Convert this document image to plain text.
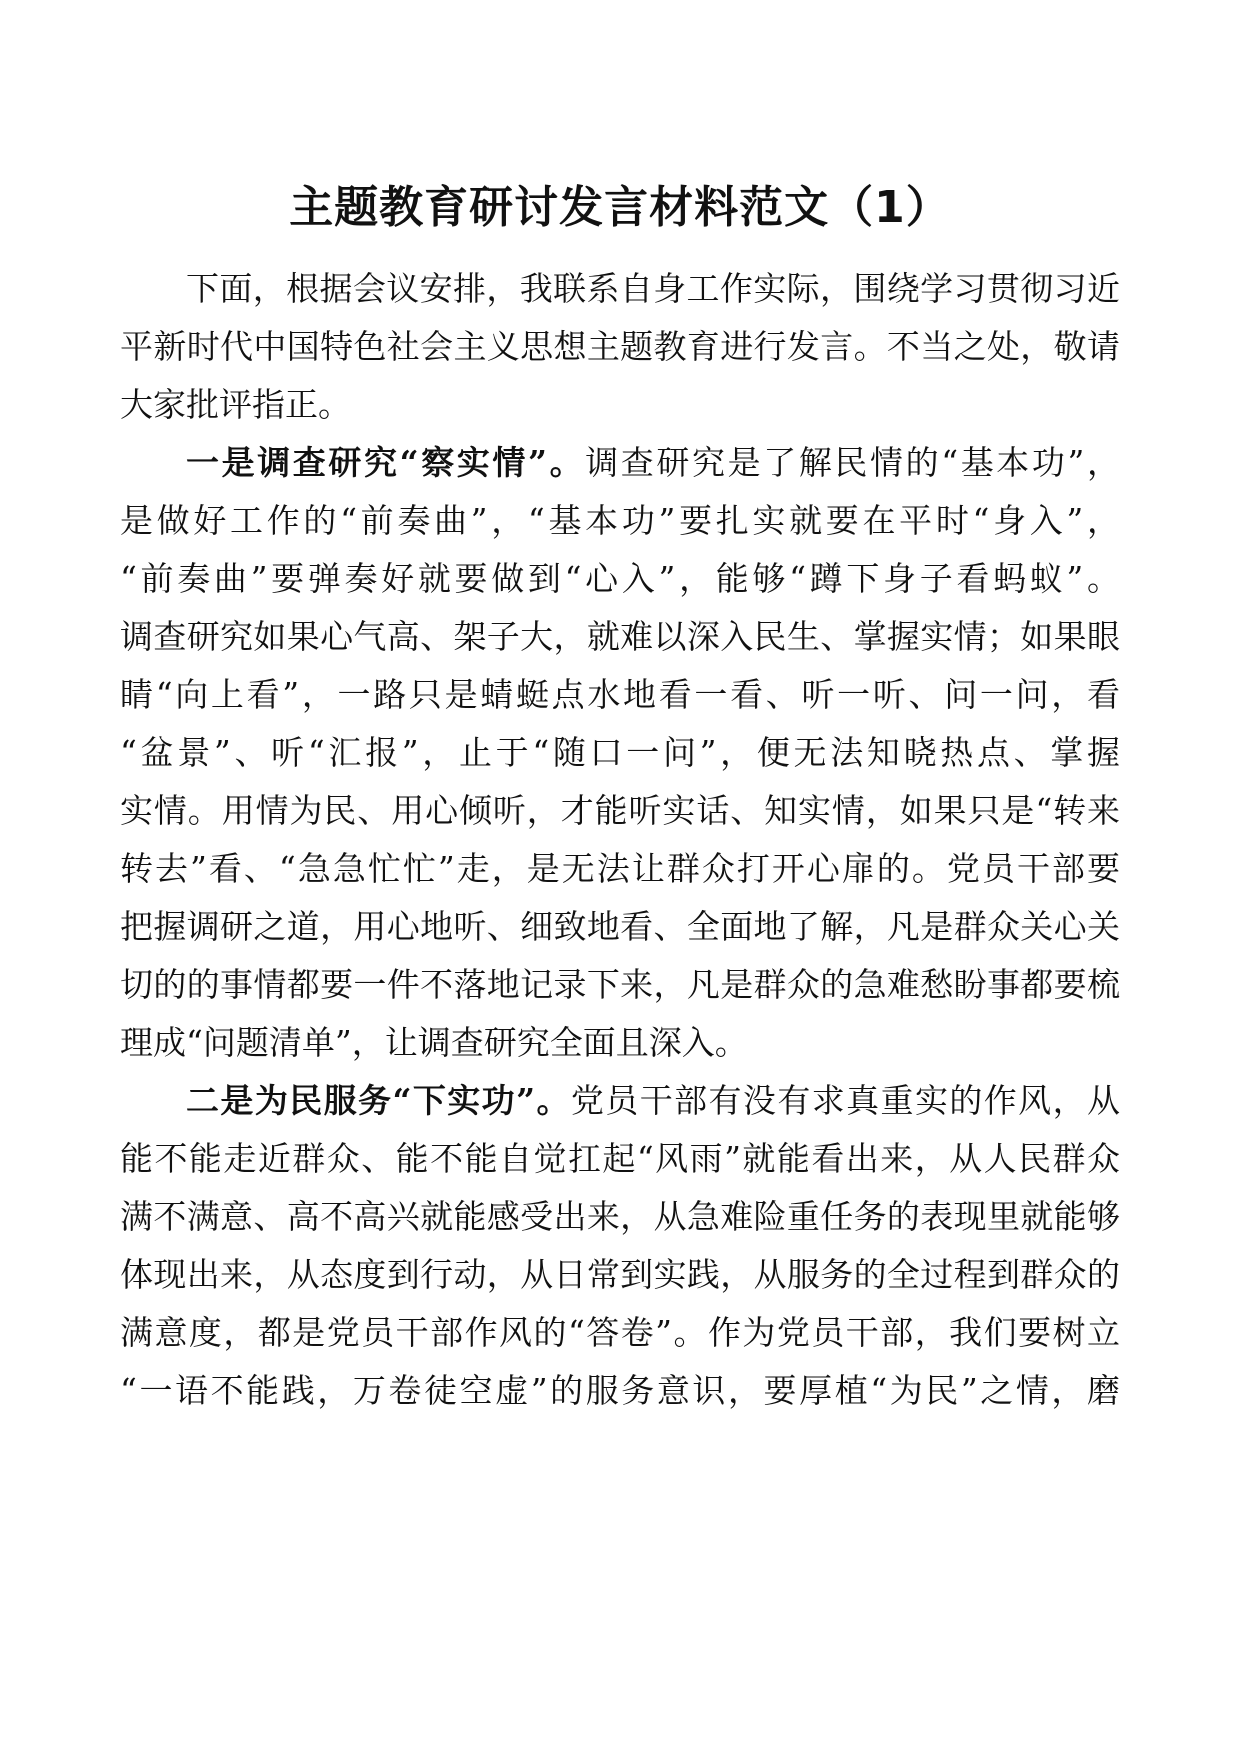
主题教育研讨发言材料范文（1）
下面，根据会议安排，我联系自身工作实际，围绕学习贯彻习近
平新时代中国特色社会主义思想主题教育进行发言。不当之处，敬请
大家批评指正。
一是调查研究“察实情”。调查研究是了解民情的“基本功”，
是做好工作的“前奏曲”，“基本功”要扎实就要在平时“身入”，
“前奏曲”要弹奏好就要做到“心入”，能够“蹲下身子看蚂蚁”。
调查研究如果心气高、架子大，就难以深入民生、掌握实情；如果眼
睛“向上看”，一路只是蜻蜓点水地看一看、听一听、问一问，看
“盆景”、听“汇报”，止于“随口一问”，便无法知晓热点、掌握
实情。用情为民、用心倾听，才能听实话、知实情，如果只是“转来
转去”看、“急急忙忙”走，是无法让群众打开心扉的。党员干部要
把握调研之道，用心地听、细致地看、全面地了解，凡是群众关心关
切的的事情都要一件不落地记录下来，凡是群众的急难愁盼事都要梳
理成“问题清单”，让调查研究全面且深入。
二是为民服务“下实功”。党员干部有没有求真重实的作风，从
能不能走近群众、能不能自觉扛起“风雨”就能看出来，从人民群众
满不满意、高不高兴就能感受出来，从急难险重任务的表现里就能够
体现出来，从态度到行动，从日常到实践，从服务的全过程到群众的
满意度，都是党员干部作风的“答卷”。作为党员干部，我们要树立
“一语不能践，万卷徒空虚”的服务意识，要厚植“为民”之情，磨
